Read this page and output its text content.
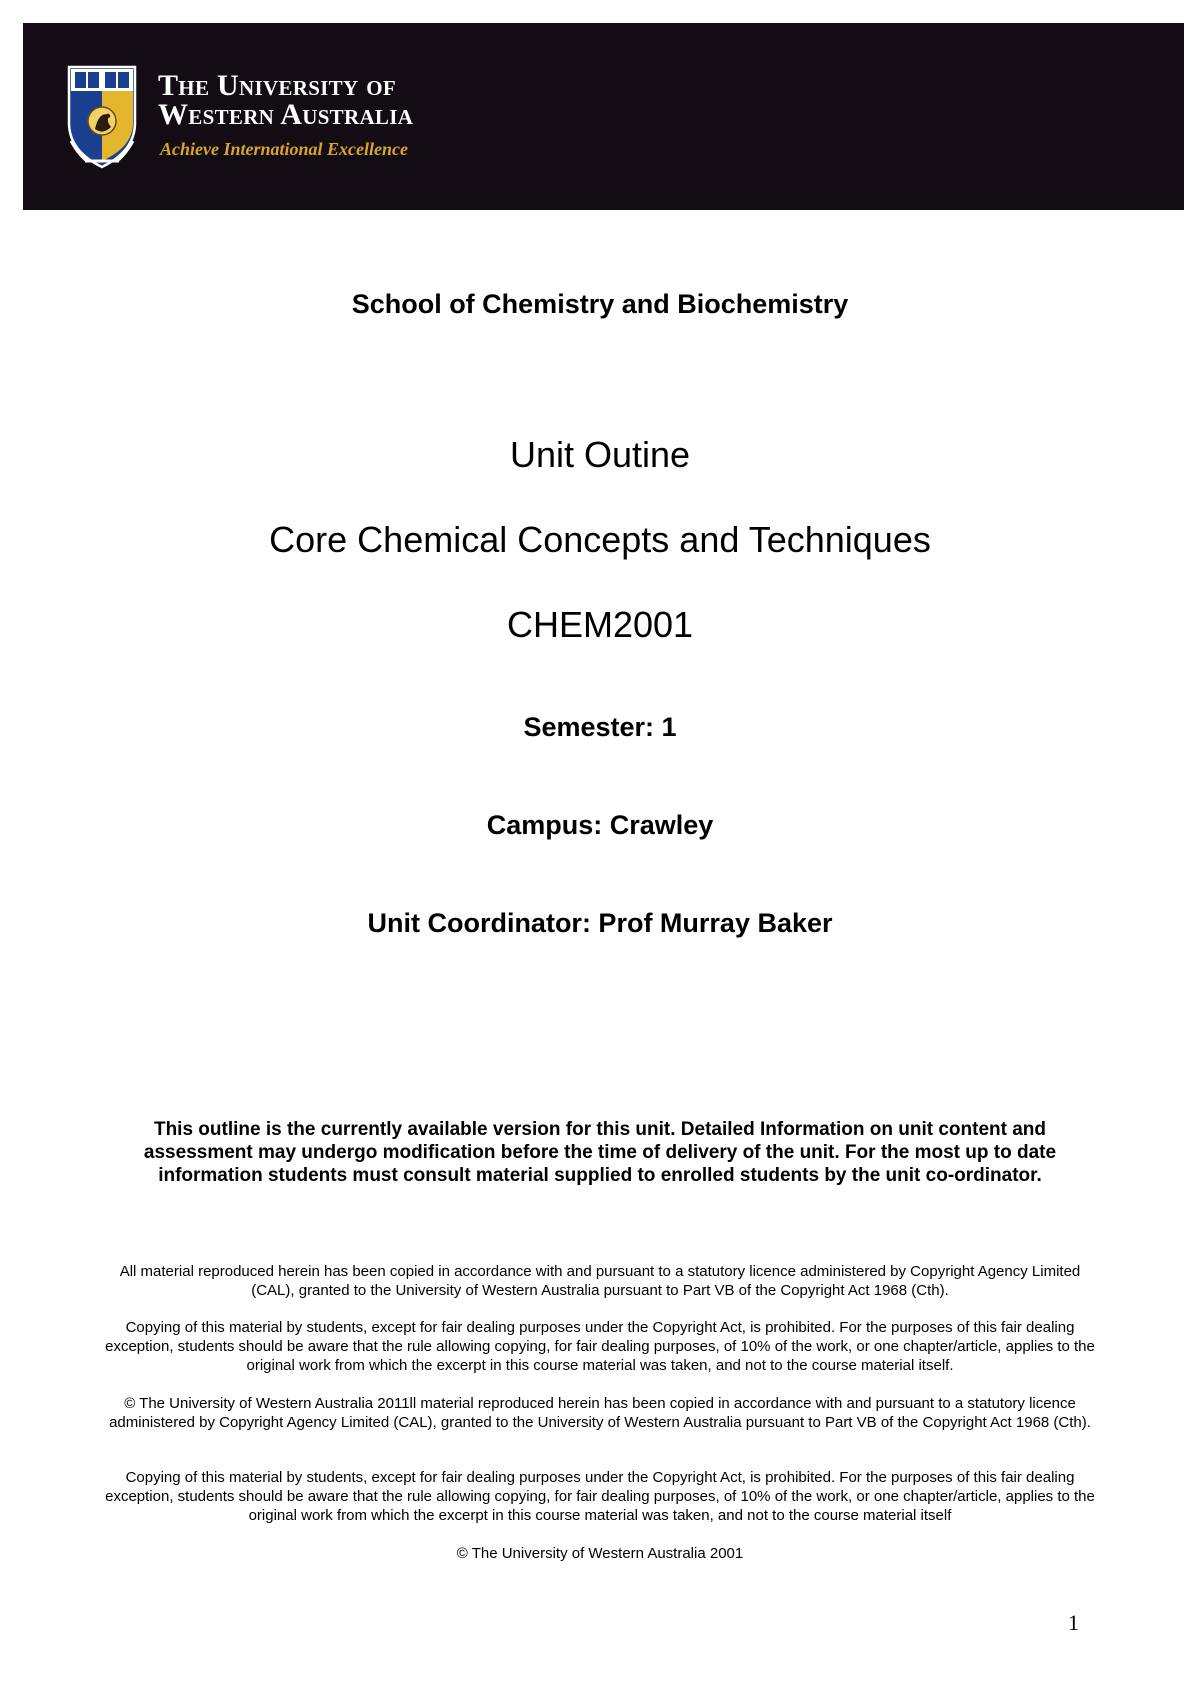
The University of
Western Australia

Achieve International Excellence

School of Chemistry and Biochemistry

Unit Outine
Core Chemical Concepts and Techniques
CHEM2001

Semester: 1

Campus: Crawley

Unit Coordinator: Prof Murray Baker

This outline is the currently available version for this unit. Detailed Information on unit content and assessment may undergo modification before the time of delivery of the unit. For the most up to date information students must consult material supplied to enrolled students by the unit co-ordinator.

All material reproduced herein has been copied in accordance with and pursuant to a statutory licence administered by Copyright Agency Limited (CAL), granted to the University of Western Australia pursuant to Part VB of the Copyright Act 1968 (Cth).

Copying of this material by students, except for fair dealing purposes under the Copyright Act, is prohibited. For the purposes of this fair dealing exception, students should be aware that the rule allowing copying, for fair dealing purposes, of 10% of the work, or one chapter/article, applies to the original work from which the excerpt in this course material was taken, and not to the course material itself.

© The University of Western Australia 2011ll material reproduced herein has been copied in accordance with and pursuant to a statutory licence administered by Copyright Agency Limited (CAL), granted to the University of Western Australia pursuant to Part VB of the Copyright Act 1968 (Cth).

Copying of this material by students, except for fair dealing purposes under the Copyright Act, is prohibited. For the purposes of this fair dealing exception, students should be aware that the rule allowing copying, for fair dealing purposes, of 10% of the work, or one chapter/article, applies to the original work from which the excerpt in this course material was taken, and not to the course material itself

© The University of Western Australia 2001

1
